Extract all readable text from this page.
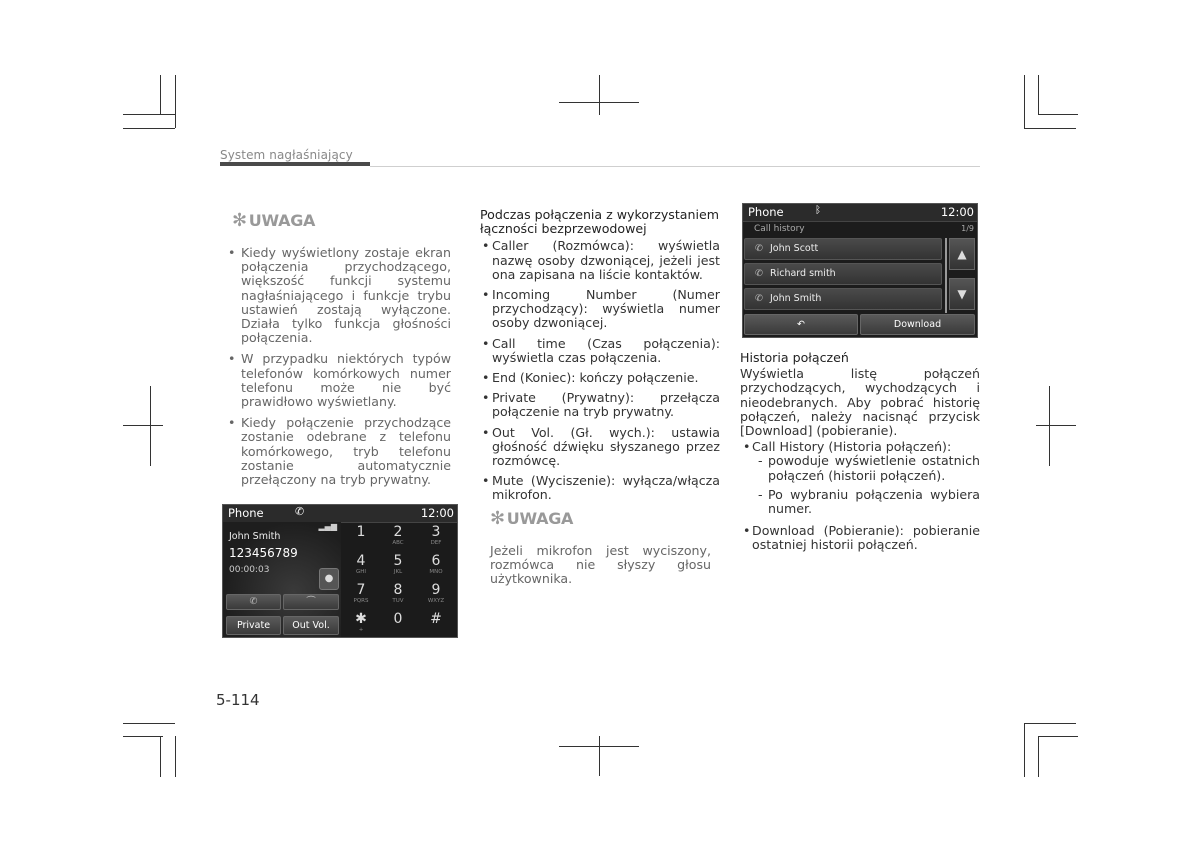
System nagłaśniający
✻ UWAGA

• Kiedy wyświetlony zostaje ekran połączenia przychodzącego, większość funkcji systemu nagłaśniającego i funkcje trybu ustawień zostają wyłączone. Działa tylko funkcja głośności połączenia.

• W przypadku niektórych typów telefonów komórkowych numer telefonu może nie być prawidłowo wyświetlany.

• Kiedy połączenie przychodzące zostanie odebrane z telefonu komórkowego, tryb telefonu zostanie automatycznie przełączony na tryb prywatny.

Phone	✆	12:00
John Smith
123456789
00:00:03
▂▄▆
●
✆	⏜
Private	Out Vol.
1	2
ABC
3
DEF
4
GHI
5
JKL
6
MNO
7
PQRS
8
TUV
9
WXYZ
✱
+
0	#

Podczas połączenia z wykorzystaniem łączności bezprzewodowej

• Caller (Rozmówca): wyświetla nazwę osoby dzwoniącej, jeżeli jest ona zapisana na liście kontaktów.

• Incoming Number (Numer przychodzący): wyświetla numer osoby dzwoniącej.

• Call time (Czas połączenia): wyświetla czas połączenia.

• End (Koniec): kończy połączenie.

• Private (Prywatny): przełącza połączenie na tryb prywatny.

• Out Vol. (Gł. wych.): ustawia głośność dźwięku słyszanego przez rozmówcę.

• Mute (Wyciszenie): wyłącza/włącza mikrofon.

✻ UWAGA
Jeżeli mikrofon jest wyciszony, rozmówca nie słyszy głosu użytkownika.
Phone	ᛒ	12:00
Call history	1/9
✆ John Scott
✆ Richard smith
✆ John Smith
▲
▼
↶	Download

Historia połączeń

Wyświetla listę połączeń przychodzących, wychodzących i nieodebranych. Aby pobrać historię połączeń, należy nacisnąć przycisk [Download] (pobieranie).

• Call History (Historia połączeń):

- powoduje wyświetlenie ostatnich połączeń (historii połączeń).

- Po wybraniu połączenia wybiera numer.

• Download (Pobieranie): pobieranie ostatniej historii połączeń.

5-114
